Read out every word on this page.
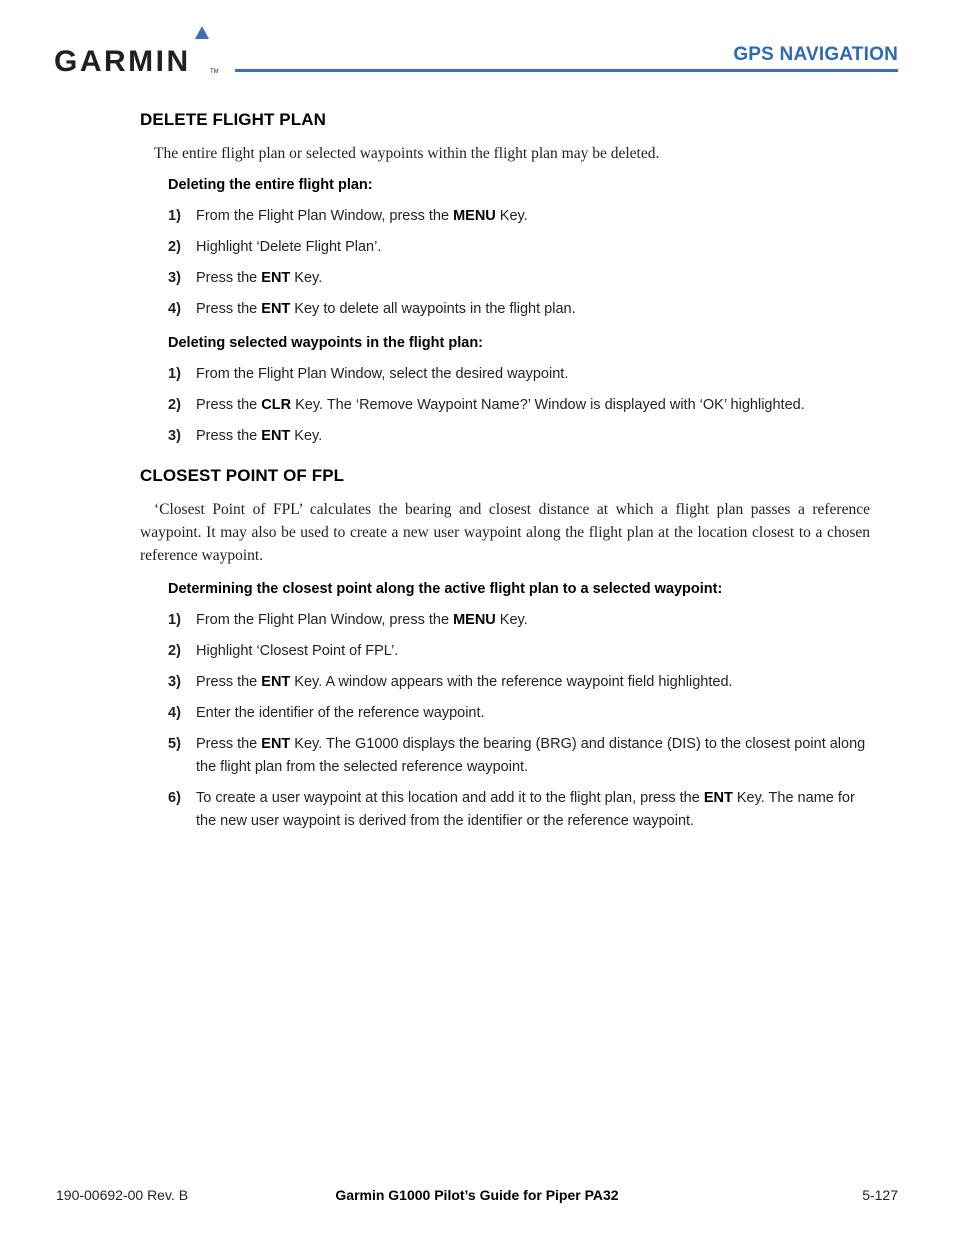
GARMIN	TM
GPS NAVIGATION
DELETE FLIGHT PLAN

The entire flight plan or selected waypoints within the flight plan may be deleted.

Deleting the entire flight plan:
1)	From the Flight Plan Window, press the MENU Key.
2)	Highlight ‘Delete Flight Plan’.
3)	Press the ENT Key.
4)	Press the ENT Key to delete all waypoints in the flight plan.
Deleting selected waypoints in the flight plan:
1)	From the Flight Plan Window, select the desired waypoint.
2)	Press the CLR Key. The ‘Remove Waypoint Name?’ Window is displayed with ‘OK’ highlighted.
3)	Press the ENT Key.
CLOSEST POINT OF FPL

‘Closest Point of FPL’ calculates the bearing and closest distance at which a flight plan passes a reference waypoint. It may also be used to create a new user waypoint along the flight plan at the location closest to a chosen reference waypoint.

Determining the closest point along the active flight plan to a selected waypoint:
1)	From the Flight Plan Window, press the MENU Key.
2)	Highlight ‘Closest Point of FPL’.
3)	Press the ENT Key. A window appears with the reference waypoint field highlighted.
4)	Enter the identifier of the reference waypoint.
5)	Press the ENT Key. The G1000 displays the bearing (BRG) and distance (DIS) to the closest point along the flight plan from the selected reference waypoint.
6)	To create a user waypoint at this location and add it to the flight plan, press the ENT Key. The name for the new user waypoint is derived from the identifier or the reference waypoint.
190-00692-00 Rev. B	Garmin G1000 Pilot’s Guide for Piper PA32	5-127
